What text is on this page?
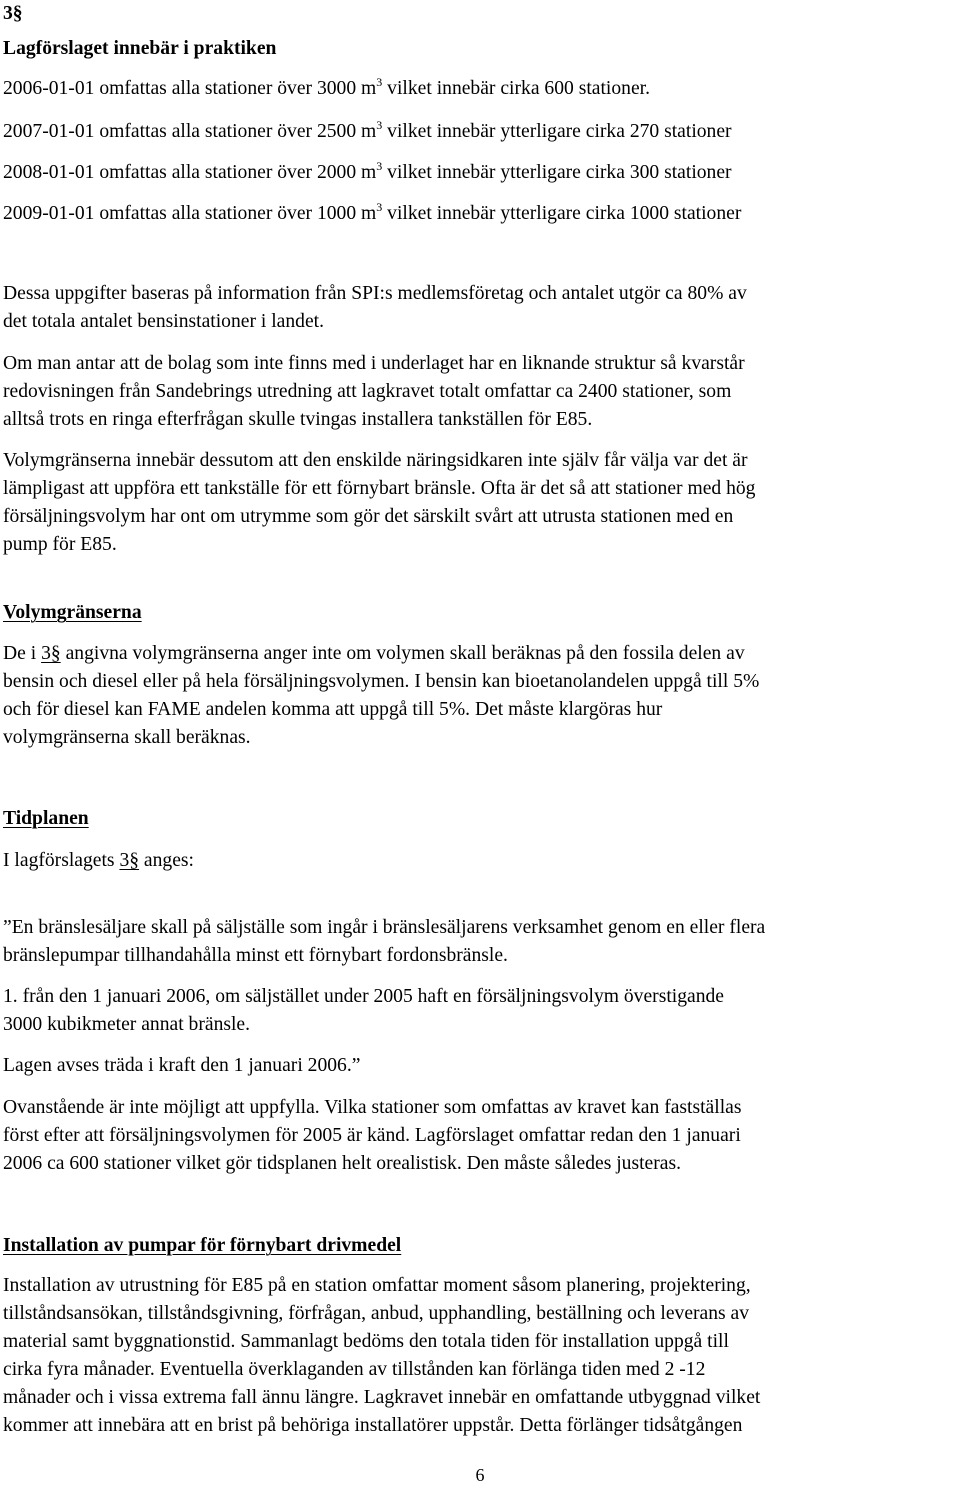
3§
Lagförslaget innebär i praktiken
2006-01-01 omfattas alla stationer över 3000 $m^3$ vilket innebär cirka 600 stationer.
2007-01-01 omfattas alla stationer över 2500 $m^3$ vilket innebär ytterligare cirka 270 stationer
2008-01-01 omfattas alla stationer över 2000 $m^3$ vilket innebär ytterligare cirka 300 stationer
2009-01-01 omfattas alla stationer över 1000 $m^3$ vilket innebär ytterligare cirka 1000 stationer
Dessa uppgifter baseras på information från SPI:s medlemsföretag och antalet utgör ca 80% av
det totala antalet bensinstationer i landet.
Om man antar att de bolag som inte finns med i underlaget har en liknande struktur så kvarstår
redovisningen från Sandebrings utredning att lagkravet totalt omfattar ca 2400 stationer, som
alltså trots en ringa efterfrågan skulle tvingas installera tankställen för E85.
Volymgränserna innebär dessutom att den enskilde näringsidkaren inte själv får välja var det är
lämpligast att uppföra ett tankställe för ett förnybart bränsle. Ofta är det så att stationer med hög
försäljningsvolym har ont om utrymme som gör det särskilt svårt att utrusta stationen med en
pump för E85.
Volymgränserna
De i 3§ angivna volymgränserna anger inte om volymen skall beräknas på den fossila delen av
bensin och diesel eller på hela försäljningsvolymen. I bensin kan bioetanolandelen uppgå till 5%
och för diesel kan FAME andelen komma att uppgå till 5%. Det måste klargöras hur
volymgränserna skall beräknas.
Tidplanen
I lagförslagets 3§ anges:
”En bränslesäljare skall på säljställe som ingår i bränslesäljarens verksamhet genom en eller flera
bränslepumpar tillhandahålla minst ett förnybart fordonsbränsle.
1. från den 1 januari 2006, om säljstället under 2005 haft en försäljningsvolym överstigande
3000 kubikmeter annat bränsle.
Lagen avses träda i kraft den 1 januari 2006.”
Ovanstående är inte möjligt att uppfylla. Vilka stationer som omfattas av kravet kan fastställas
först efter att försäljningsvolymen för 2005 är känd. Lagförslaget omfattar redan den 1 januari
2006 ca 600 stationer vilket gör tidsplanen helt orealistisk. Den måste således justeras.
Installation av pumpar för förnybart drivmedel
Installation av utrustning för E85 på en station omfattar moment såsom planering, projektering,
tillståndsansökan, tillståndsgivning, förfrågan, anbud, upphandling, beställning och leverans av
material samt byggnationstid. Sammanlagt bedöms den totala tiden för installation uppgå till
cirka fyra månader. Eventuella överklaganden av tillstånden kan förlänga tiden med 2 -12
månader och i vissa extrema fall ännu längre. Lagkravet innebär en omfattande utbyggnad vilket
kommer att innebära att en brist på behöriga installatörer uppstår. Detta förlänger tidsåtgången
6
